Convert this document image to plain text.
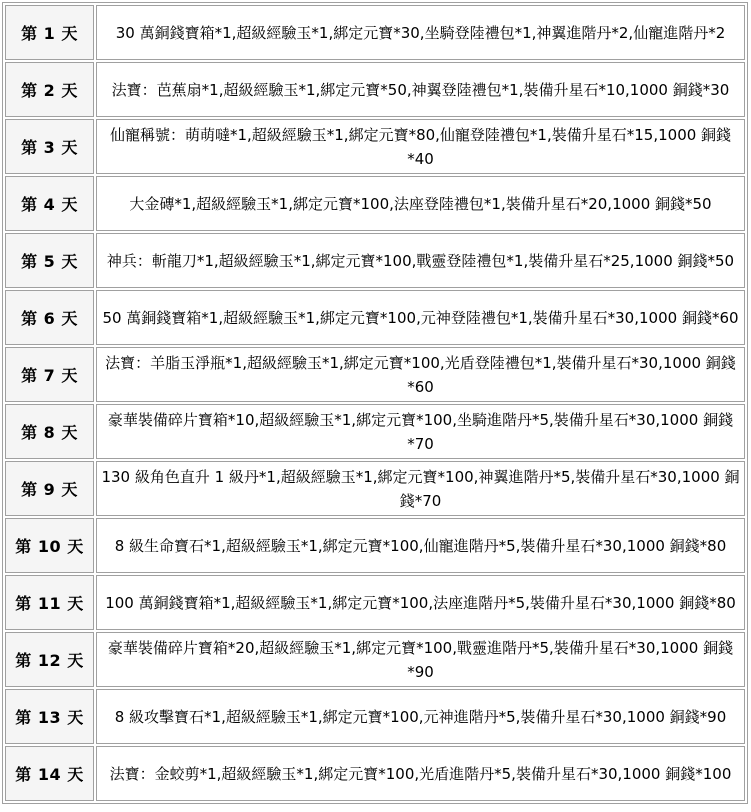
第 1 天	30 萬銅錢寶箱*1,超級經驗玉*1,綁定元寶*30,坐騎登陸禮包*1,神翼進階丹*2,仙寵進階丹*2
第 2 天	法寶：芭蕉扇*1,超級經驗玉*1,綁定元寶*50,神翼登陸禮包*1,裝備升星石*10,1000 銅錢*30
第 3 天	仙寵稱號：萌萌噠*1,超級經驗玉*1,綁定元寶*80,仙寵登陸禮包*1,裝備升星石*15,1000 銅錢*40
第 4 天	大金磚*1,超級經驗玉*1,綁定元寶*100,法座登陸禮包*1,裝備升星石*20,1000 銅錢*50
第 5 天	神兵：斬龍刀*1,超級經驗玉*1,綁定元寶*100,戰靈登陸禮包*1,裝備升星石*25,1000 銅錢*50
第 6 天	50 萬銅錢寶箱*1,超級經驗玉*1,綁定元寶*100,元神登陸禮包*1,裝備升星石*30,1000 銅錢*60
第 7 天	法寶：羊脂玉淨瓶*1,超級經驗玉*1,綁定元寶*100,光盾登陸禮包*1,裝備升星石*30,1000 銅錢*60
第 8 天	豪華裝備碎片寶箱*10,超級經驗玉*1,綁定元寶*100,坐騎進階丹*5,裝備升星石*30,1000 銅錢*70
第 9 天	130 級角色直升 1 級丹*1,超級經驗玉*1,綁定元寶*100,神翼進階丹*5,裝備升星石*30,1000 銅錢*70
第 10 天	8 級生命寶石*1,超級經驗玉*1,綁定元寶*100,仙寵進階丹*5,裝備升星石*30,1000 銅錢*80
第 11 天	100 萬銅錢寶箱*1,超級經驗玉*1,綁定元寶*100,法座進階丹*5,裝備升星石*30,1000 銅錢*80
第 12 天	豪華裝備碎片寶箱*20,超級經驗玉*1,綁定元寶*100,戰靈進階丹*5,裝備升星石*30,1000 銅錢*90
第 13 天	8 級攻擊寶石*1,超級經驗玉*1,綁定元寶*100,元神進階丹*5,裝備升星石*30,1000 銅錢*90
第 14 天	法寶：金蛟剪*1,超級經驗玉*1,綁定元寶*100,光盾進階丹*5,裝備升星石*30,1000 銅錢*100
